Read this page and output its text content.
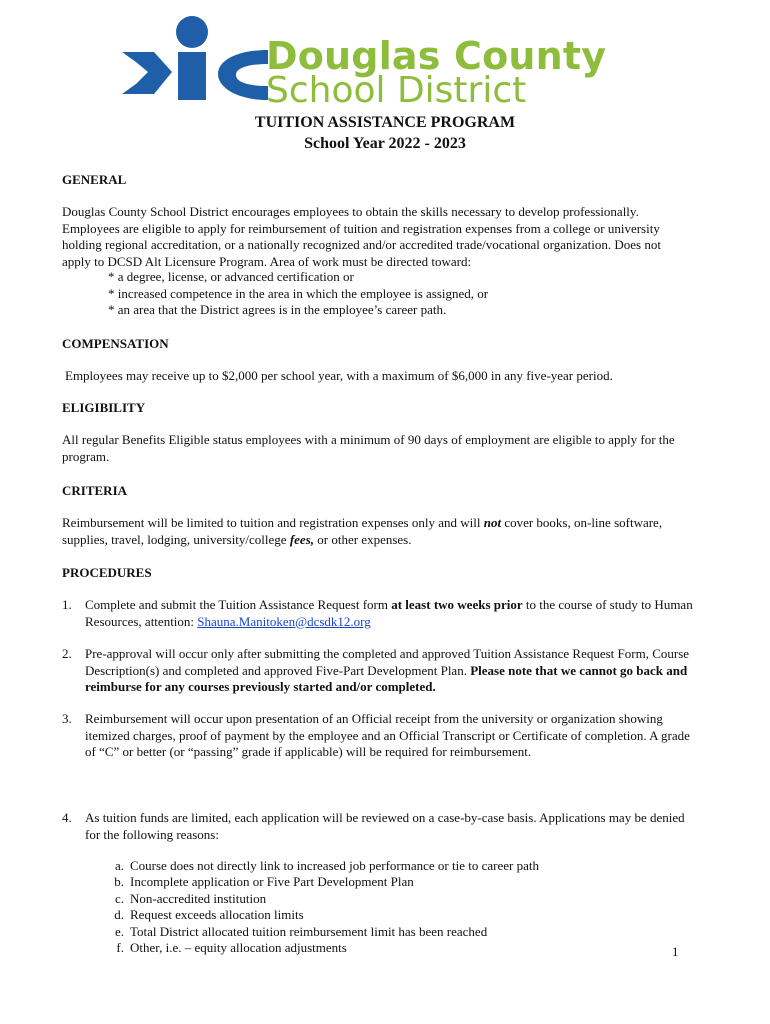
Douglas County
School District
TUITION ASSISTANCE PROGRAM
School Year 2022 - 2023
GENERAL
Douglas County School District encourages employees to obtain the skills necessary to develop professionally. Employees are eligible to apply for reimbursement of tuition and registration expenses from a college or university holding regional accreditation, or a nationally recognized and/or accredited trade/vocational organization. Does not apply to DCSD Alt Licensure Program. Area of work must be directed toward:
* a degree, license, or advanced certification or
* increased competence in the area in which the employee is assigned, or
* an area that the District agrees is in the employee’s career path.
COMPENSATION
Employees may receive up to $2,000 per school year, with a maximum of $6,000 in any five-year period.
ELIGIBILITY
All regular Benefits Eligible status employees with a minimum of 90 days of employment are eligible to apply for the program.
CRITERIA
Reimbursement will be limited to tuition and registration expenses only and will not cover books, on-line software, supplies, travel, lodging, university/college fees, or other expenses.
PROCEDURES
1. Complete and submit the Tuition Assistance Request form at least two weeks prior to the course of study to Human Resources, attention: Shauna.Manitoken@dcsdk12.org
2. Pre-approval will occur only after submitting the completed and approved Tuition Assistance Request Form, Course Description(s) and completed and approved Five-Part Development Plan. Please note that we cannot go back and reimburse for any courses previously started and/or completed.
3. Reimbursement will occur upon presentation of an Official receipt from the university or organization showing itemized charges, proof of payment by the employee and an Official Transcript or Certificate of completion. A grade of “C” or better (or “passing” grade if applicable) will be required for reimbursement.
4. As tuition funds are limited, each application will be reviewed on a case-by-case basis. Applications may be denied for the following reasons:
a. Course does not directly link to increased job performance or tie to career path
b. Incomplete application or Five Part Development Plan
c. Non-accredited institution
d. Request exceeds allocation limits
e. Total District allocated tuition reimbursement limit has been reached
f. Other, i.e. – equity allocation adjustments	1
